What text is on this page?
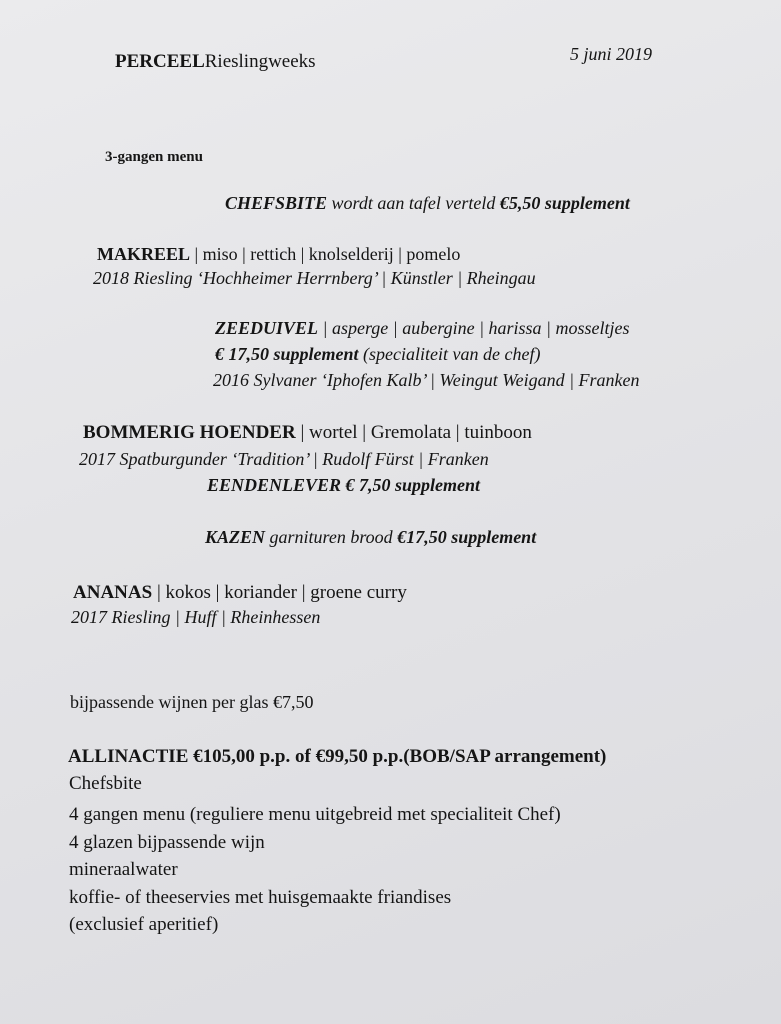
PERCEELRieslingweeks	5 juni 2019
3-gangen menu
CHEFSBITE wordt aan tafel verteld €5,50 supplement
MAKREEL | miso | rettich | knolselderij | pomelo
2018 Riesling ‘Hochheimer Herrnberg’ | Künstler | Rheingau
ZEEDUIVEL | asperge | aubergine | harissa | mosseltjes
€ 17,50 supplement (specialiteit van de chef)
2016 Sylvaner ‘Iphofen Kalb’ | Weingut Weigand | Franken
BOMMERIG HOENDER | wortel | Gremolata | tuinboon
2017 Spatburgunder ‘Tradition’ | Rudolf Fürst | Franken
EENDENLEVER € 7,50 supplement
KAZEN garnituren brood €17,50 supplement
ANANAS | kokos | koriander | groene curry
2017 Riesling | Huff | Rheinhessen
bijpassende wijnen per glas €7,50
ALLINACTIE €105,00 p.p. of €99,50 p.p.(BOB/SAP arrangement)
Chefsbite
4 gangen menu (reguliere menu uitgebreid met specialiteit Chef)
4 glazen bijpassende wijn
mineraalwater
koffie- of theeservies met huisgemaakte friandises
(exclusief aperitief)
